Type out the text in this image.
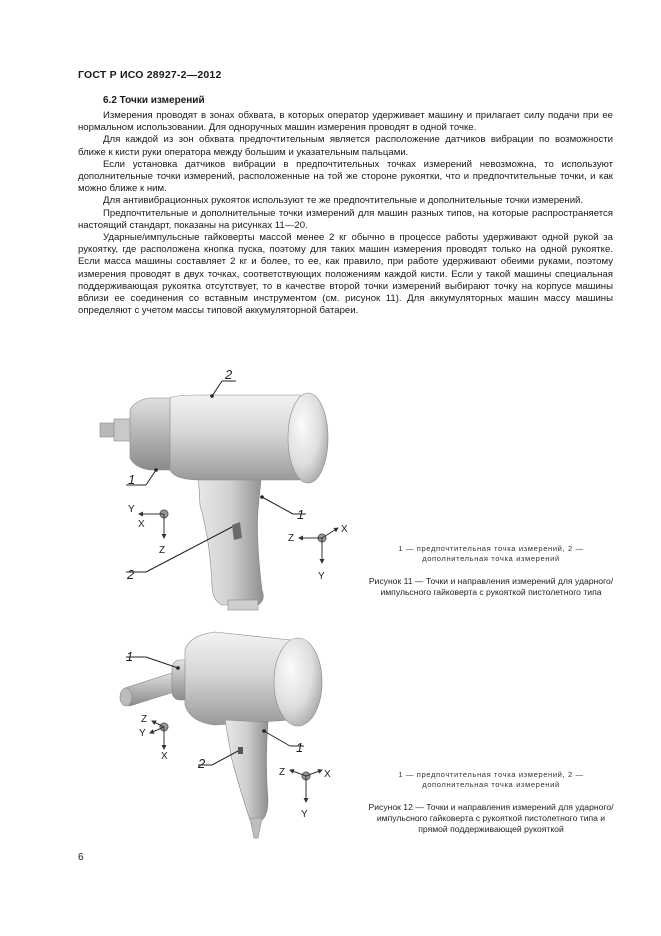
ГОСТ Р ИСО 28927-2—2012
6.2 Точки измерений

Измерения проводят в зонах обхвата, в которых оператор удерживает машину и прилагает силу подачи при ее нормальном использовании. Для одноручных машин измерения проводят в одной точке.

Для каждой из зон обхвата предпочтительным является расположение датчиков вибрации по возможности ближе к кисти руки оператора между большим и указательным пальцами.

Если установка датчиков вибрации в предпочтительных точках измерений невозможна, то используют дополнительные точки измерений, расположенные на той же стороне рукоятки, что и предпочтительные точки, и как можно ближе к ним.

Для антивибрационных рукояток используют те же предпочтительные и дополнительные точки измерений.

Предпочтительные и дополнительные точки измерений для машин разных типов, на которые распространяется настоящий стандарт, показаны на рисунках 11—20.

Ударные/импульсные гайковерты массой менее 2 кг обычно в процессе работы удерживают одной рукой за рукоятку, где расположена кнопка пуска, поэтому для таких машин измерения проводят только на одной рукоятке. Если масса машины составляет 2 кг и более, то ее, как правило, при работе удерживают обеими руками, поэтому измерения проводят в двух точках, соответствующих положениям каждой кисти. Если у такой машины специальная поддерживающая рукоятка отсутствует, то в качестве второй точки измерений выбирают точку на корпусе машины вблизи ее соединения со вставным инструментом (см. рисунок 11). Для аккумуляторных машин массу машины определяют с учетом массы типовой аккумуляторной батареи.

2
1
1
2
1
1
2
Y
X
Z
Z
X
Y
Z
Y
X
Z	X
Y
1 — предпочтительная точка измерений, 2 — дополнительная точка измерений
Рисунок 11 — Точки и направления измерений для ударного/импульсного гайковерта с рукояткой пистолетного типа
1 — предпочтительная точка измерений, 2 — дополнительная точка измерений
Рисунок 12 — Точки и направления измерений для ударного/импульсного гайковерта с рукояткой пистолетного типа и прямой поддерживающей рукояткой
6
